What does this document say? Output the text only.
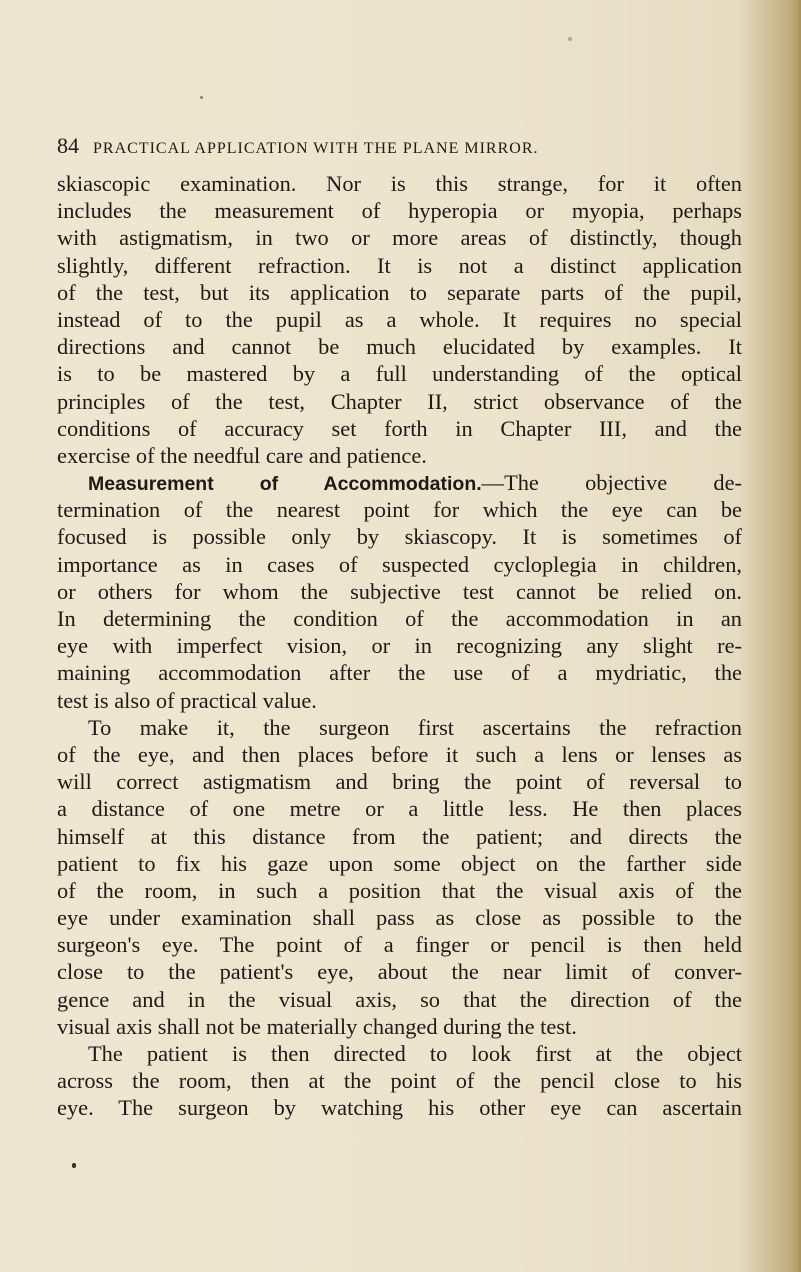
84 PRACTICAL APPLICATION WITH THE PLANE MIRROR.
skiascopic examination. Nor is this strange, for it often
includes the measurement of hyperopia or myopia, perhaps
with astigmatism, in two or more areas of distinctly, though
slightly, different refraction. It is not a distinct application
of the test, but its application to separate parts of the pupil,
instead of to the pupil as a whole. It requires no special
directions and cannot be much elucidated by examples. It
is to be mastered by a full understanding of the optical
principles of the test, Chapter II, strict observance of the
conditions of accuracy set forth in Chapter III, and the
exercise of the needful care and patience.
Measurement of Accommodation.—The objective de-
termination of the nearest point for which the eye can be
focused is possible only by skiascopy. It is sometimes of
importance as in cases of suspected cycloplegia in children,
or others for whom the subjective test cannot be relied on.
In determining the condition of the accommodation in an
eye with imperfect vision, or in recognizing any slight re-
maining accommodation after the use of a mydriatic, the
test is also of practical value.
To make it, the surgeon first ascertains the refraction
of the eye, and then places before it such a lens or lenses as
will correct astigmatism and bring the point of reversal to
a distance of one metre or a little less. He then places
himself at this distance from the patient; and directs the
patient to fix his gaze upon some object on the farther side
of the room, in such a position that the visual axis of the
eye under examination shall pass as close as possible to the
surgeon's eye. The point of a finger or pencil is then held
close to the patient's eye, about the near limit of conver-
gence and in the visual axis, so that the direction of the
visual axis shall not be materially changed during the test.
The patient is then directed to look first at the object
across the room, then at the point of the pencil close to his
eye. The surgeon by watching his other eye can ascertain
